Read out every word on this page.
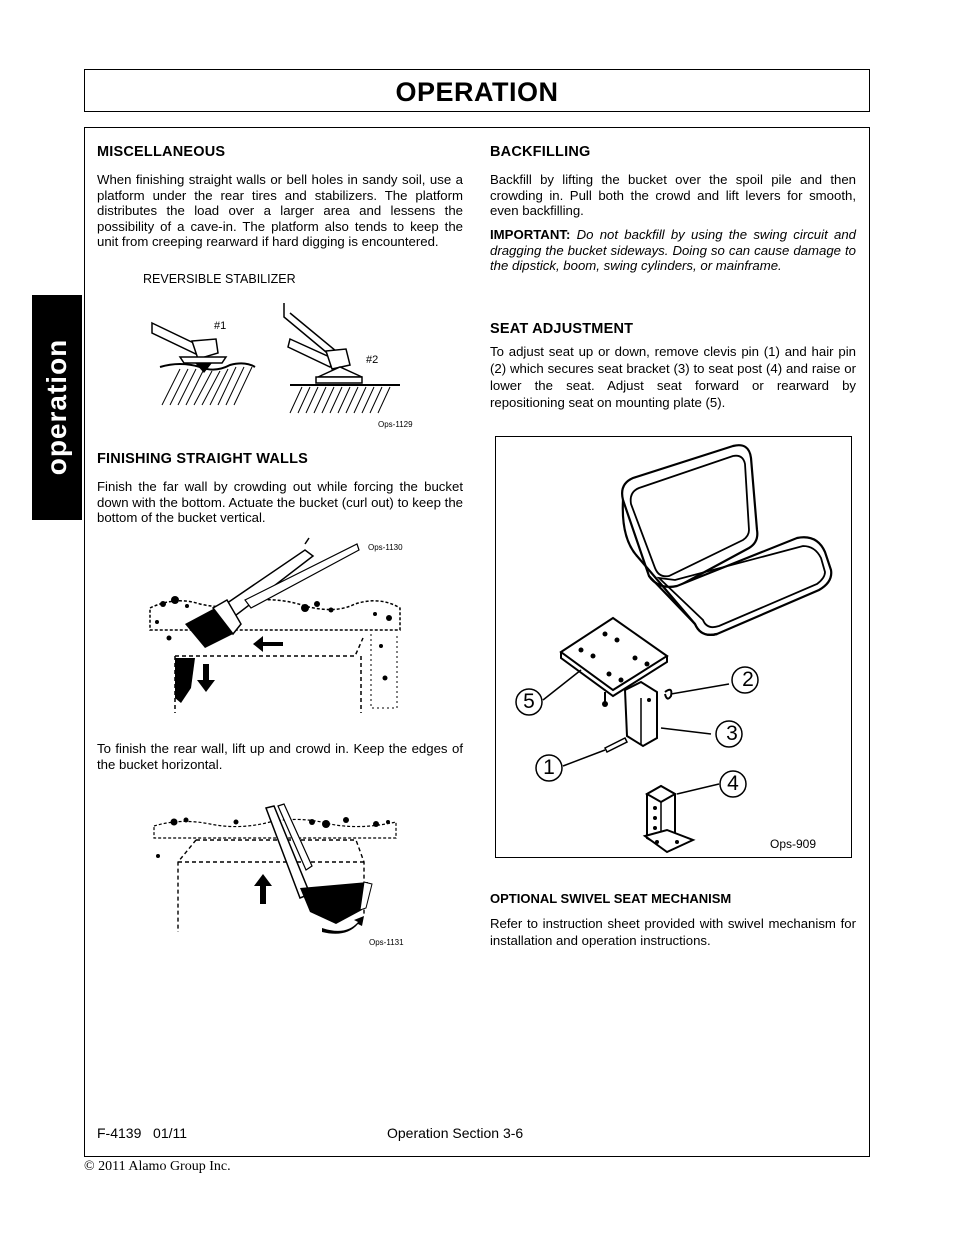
OPERATION
operation
MISCELLANEOUS

When finishing straight walls or bell holes in sandy soil, use a platform under the rear tires and stabilizers. The platform distributes the load over a larger area and lessens the possibility of a cave-in. The platform also tends to keep the unit from creeping rearward if hard digging is encountered.

REVERSIBLE STABILIZER
#1
#2
Ops-1129
FINISHING STRAIGHT WALLS

Finish the far wall by crowding out while forcing the bucket down with the bottom. Actuate the bucket (curl out) to keep the bottom of the bucket vertical.

Ops-1130

To finish the rear wall, lift up and crowd in. Keep the edges of the bucket horizontal.

Ops-1131
BACKFILLING

Backfill by lifting the bucket over the spoil pile and then crowding in. Pull both the crowd and lift levers for smooth, even backfilling.

IMPORTANT: Do not backfill by using the swing circuit and dragging the bucket sideways. Doing so can cause damage to the dipstick, boom, swing cylinders, or mainframe.

SEAT ADJUSTMENT

To adjust seat up or down, remove clevis pin (1) and hair pin (2) which secures seat bracket (3) to seat post (4) and raise or lower the seat. Adjust seat forward or rearward by repositioning seat on mounting plate (5).

2
3
1
4
5
Ops-909
OPTIONAL SWIVEL SEAT MECHANISM

Refer to instruction sheet provided with swivel mechanism for installation and operation instructions.

F-4139   01/11	Operation Section 3-6
© 2011 Alamo Group Inc.
